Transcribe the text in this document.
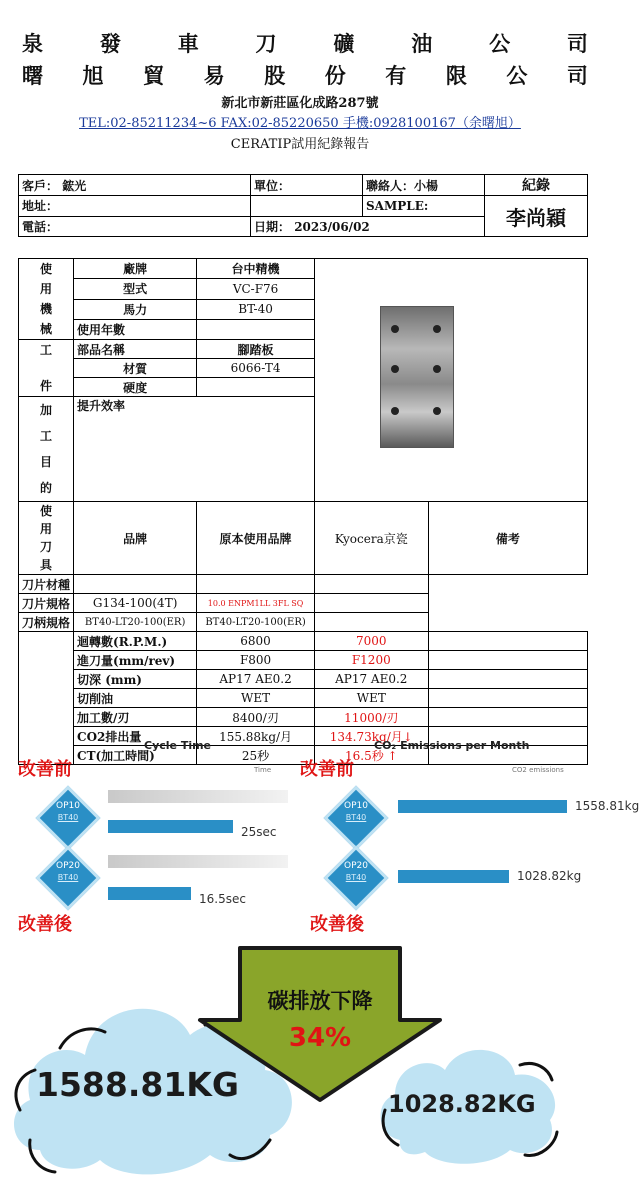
泉	發	車	刀	礦	油	公	司
曙 旭 貿 易 股 份 有 限 公 司
新北市新莊區化成路287號
TEL:02-85211234~6 FAX:02-85220650 手機:0928100167（余曙旭）
CERATIP試用紀錄報告
客戶： 鋐光	單位：	聯絡人：小楊	紀錄
地址：		SAMPLE:	李尚穎
電話：	日期： 2023/06/02		
使
用
機
械	廠牌	台中精機		
	型式	VC-F76		
	馬力	BT-40		
	使用年數			

工

件	部品名稱	腳踏板		
	材質	6066-T4		
	硬度			

加
工
目
的	提升效率			

使
用
刀
具	品牌	原本使用品牌	Kyocera京瓷	備考
刀片材種				
刀片規格	G134-100(4T)	10.0 ENPM1LL 3FL SQ		
刀柄規格	BT40-LT20-100(ER)	BT40-LT20-100(ER)		
	迴轉數(R.P.M.)	6800	7000	
	進刀量(mm/rev)	F800	F1200	
	切深 (mm)	AP17 AE0.2	AP17 AE0.2	
	切削油	WET	WET	
	加工數/刃	8400/刃	11000/刃	
	CO2排出量	155.88kg/月	134.73kg/月↓	
	CT(加工時間)	25秒	16.5秒 ↑	
Cycle Time
Time
CO₂ Emissions per Month
CO2 emissions
改善前	改善前
改善後	改善後
OP10
BT40
OP20
BT40
OP10
BT40
OP20
BT40
25sec
16.5sec
1558.81kg
1028.82kg
碳排放下降
34%
1588.81KG	1028.82KG
